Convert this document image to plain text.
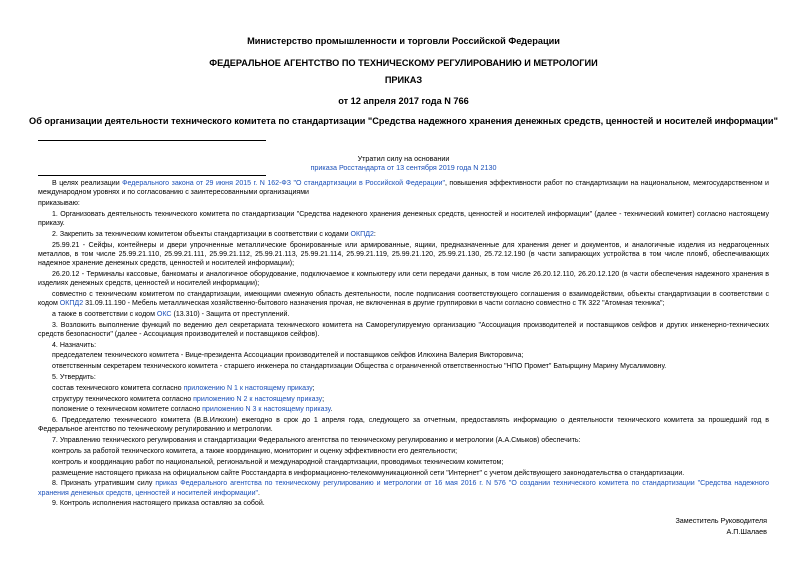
Министерство промышленности и торговли Российской Федерации
ФЕДЕРАЛЬНОЕ АГЕНТСТВО ПО ТЕХНИЧЕСКОМУ РЕГУЛИРОВАНИЮ И МЕТРОЛОГИИ
ПРИКАЗ
от 12 апреля 2017 года N 766
Об организации деятельности технического комитета по стандартизации "Средства надежного хранения денежных средств, ценностей и носителей информации"
Утратил силу на основании
приказа Росстандарта от 13 сентября 2019 года N 2130

В целях реализации Федерального закона от 29 июня 2015 г. N 162-ФЗ "О стандартизации в Российской Федерации", повышения эффективности работ по стандартизации на национальном, межгосударственном и международном уровнях и по согласованию с заинтересованными организациями

приказываю:

1. Организовать деятельность технического комитета по стандартизации "Средства надежного хранения денежных средств, ценностей и носителей информации" (далее - технический комитет) согласно настоящему приказу.

2. Закрепить за техническим комитетом объекты стандартизации в соответствии с кодами ОКПД2:

25.99.21 - Сейфы, контейнеры и двери упрочненные металлические бронированные или армированные, ящики, предназначенные для хранения денег и документов, и аналогичные изделия из недрагоценных металлов, в том числе 25.99.21.110, 25.99.21.111, 25.99.21.112, 25.99.21.113, 25.99.21.114, 25.99.21.119, 25.99.21.120, 25.99.21.130, 25.72.12.190 (в части запирающих устройства в том числе пломб, обеспечивающих надежное хранение денежных средств, ценностей и носителей информации);

26.20.12 - Терминалы кассовые, банкоматы и аналогичное оборудование, подключаемое к компьютеру или сети передачи данных, в том числе 26.20.12.110, 26.20.12.120 (в части обеспечения надежного хранения в изделиях денежных средств, ценностей и носителей информации);

совместно с техническим комитетом по стандартизации, имеющими смежную область деятельности, после подписания соответствующего соглашения о взаимодействии, объекты стандартизации в соответствии с кодом ОКПД2 31.09.11.190 - Мебель металлическая хозяйственно-бытового назначения прочая, не включенная в другие группировки в части согласно совместно с ТК 322 "Атомная техника";

а также в соответствии с кодом ОКС (13.310) - Защита от преступлений.

3. Возложить выполнение функций по ведению дел секретариата технического комитета на Саморегулируемую организацию "Ассоциация производителей и поставщиков сейфов и других инженерно-технических средств безопасности" (далее - Ассоциация производителей и поставщиков сейфов).

4. Назначить:

председателем технического комитета - Вице-президента Ассоциации производителей и поставщиков сейфов Илюхина Валерия Викторовича;

ответственным секретарем технического комитета - старшего инженера по стандартизации Общества с ограниченной ответственностью "НПО Промет" Батырщину Марину Мусалимовну.

5. Утвердить:

состав технического комитета согласно приложению N 1 к настоящему приказу;

структуру технического комитета согласно приложению N 2 к настоящему приказу;

положение о техническом комитете согласно приложению N 3 к настоящему приказу.

6. Председателю технического комитета (В.В.Илюхин) ежегодно в срок до 1 апреля года, следующего за отчетным, предоставлять информацию о деятельности технического комитета за прошедший год в Федеральное агентство по техническому регулированию и метрологии.

7. Управлению технического регулирования и стандартизации Федерального агентства по техническому регулированию и метрологии (А.А.Смыков) обеспечить:

контроль за работой технического комитета, а также координацию, мониторинг и оценку эффективности его деятельности;

контроль и координацию работ по национальной, региональной и международной стандартизации, проводимых техническим комитетом;

размещение настоящего приказа на официальном сайте Росстандарта в информационно-телекоммуникационной сети "Интернет" с учетом действующего законодательства о стандартизации.

8. Признать утратившим силу приказ Федерального агентства по техническому регулированию и метрологии от 16 мая 2016 г. N 576 "О создании технического комитета по стандартизации "Средства надежного хранения денежных средств, ценностей и носителей информации".

9. Контроль исполнения настоящего приказа оставляю за собой.

Заместитель Руководителя
А.П.Шалаев
